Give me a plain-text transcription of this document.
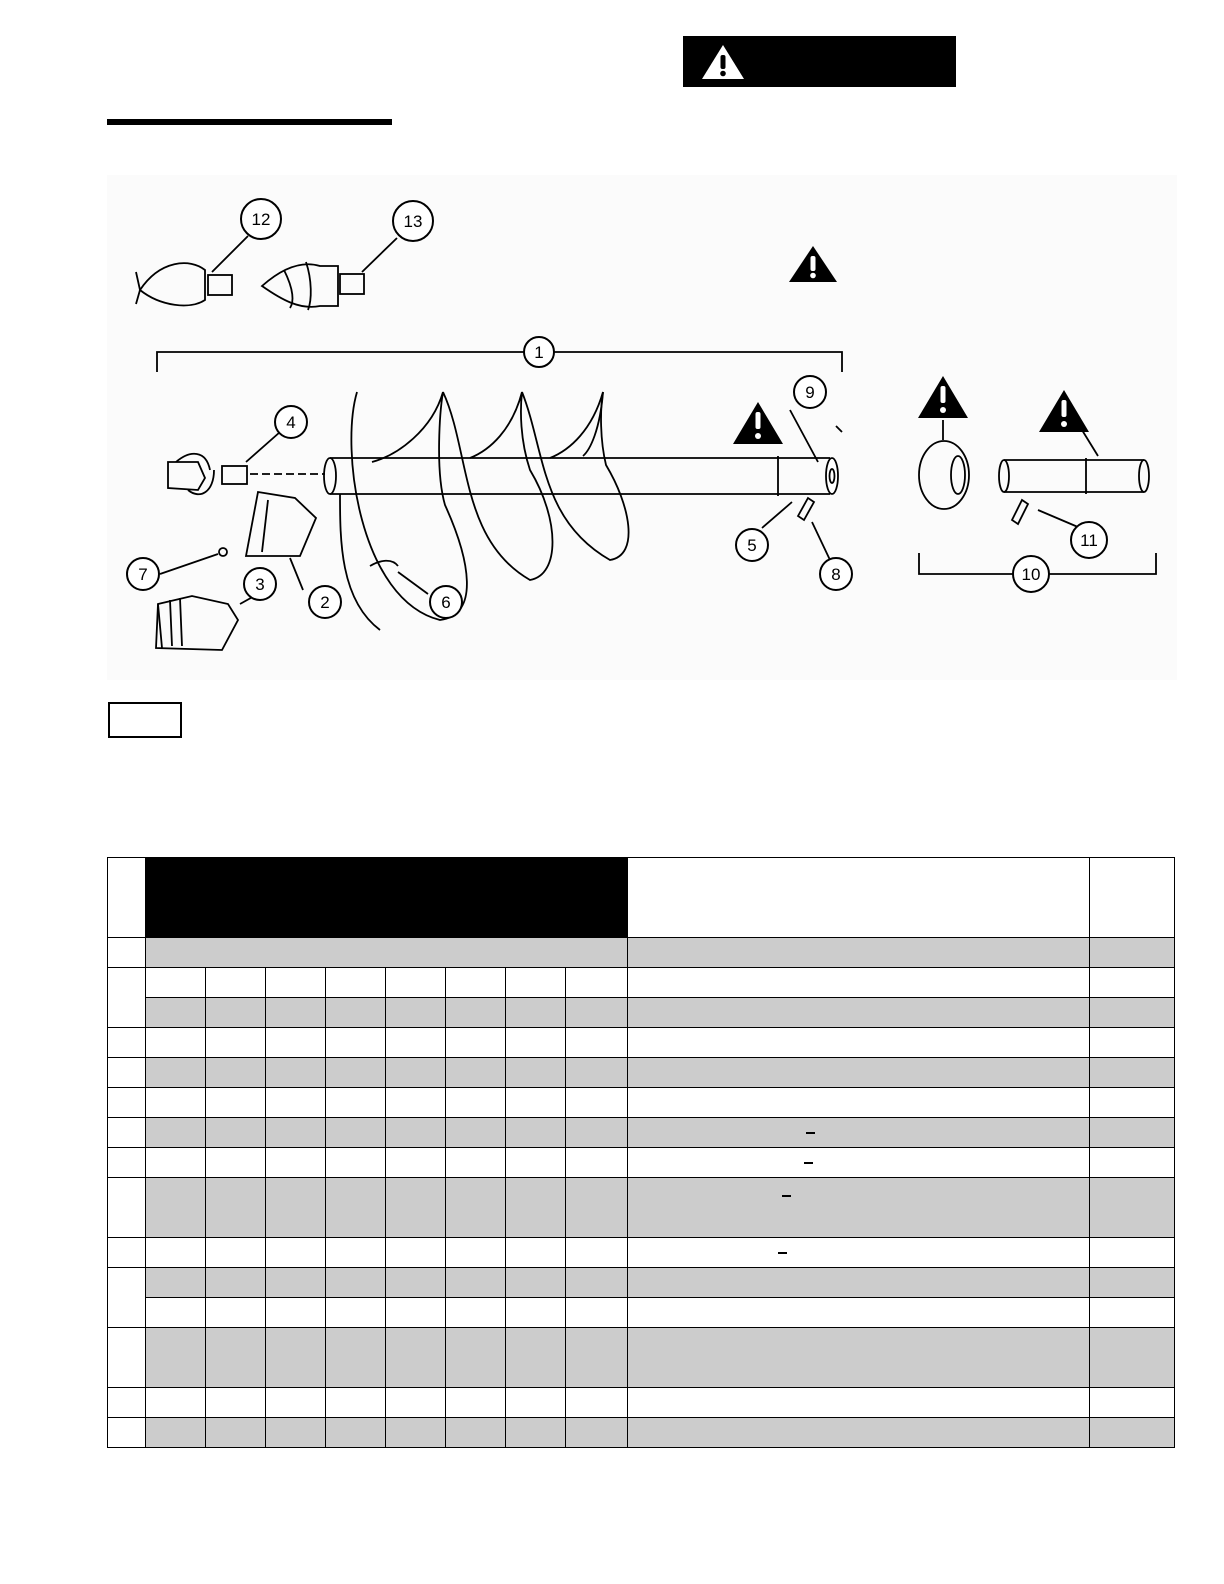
1
2
3
4
5
6
7	8
9
10
11
12	13
